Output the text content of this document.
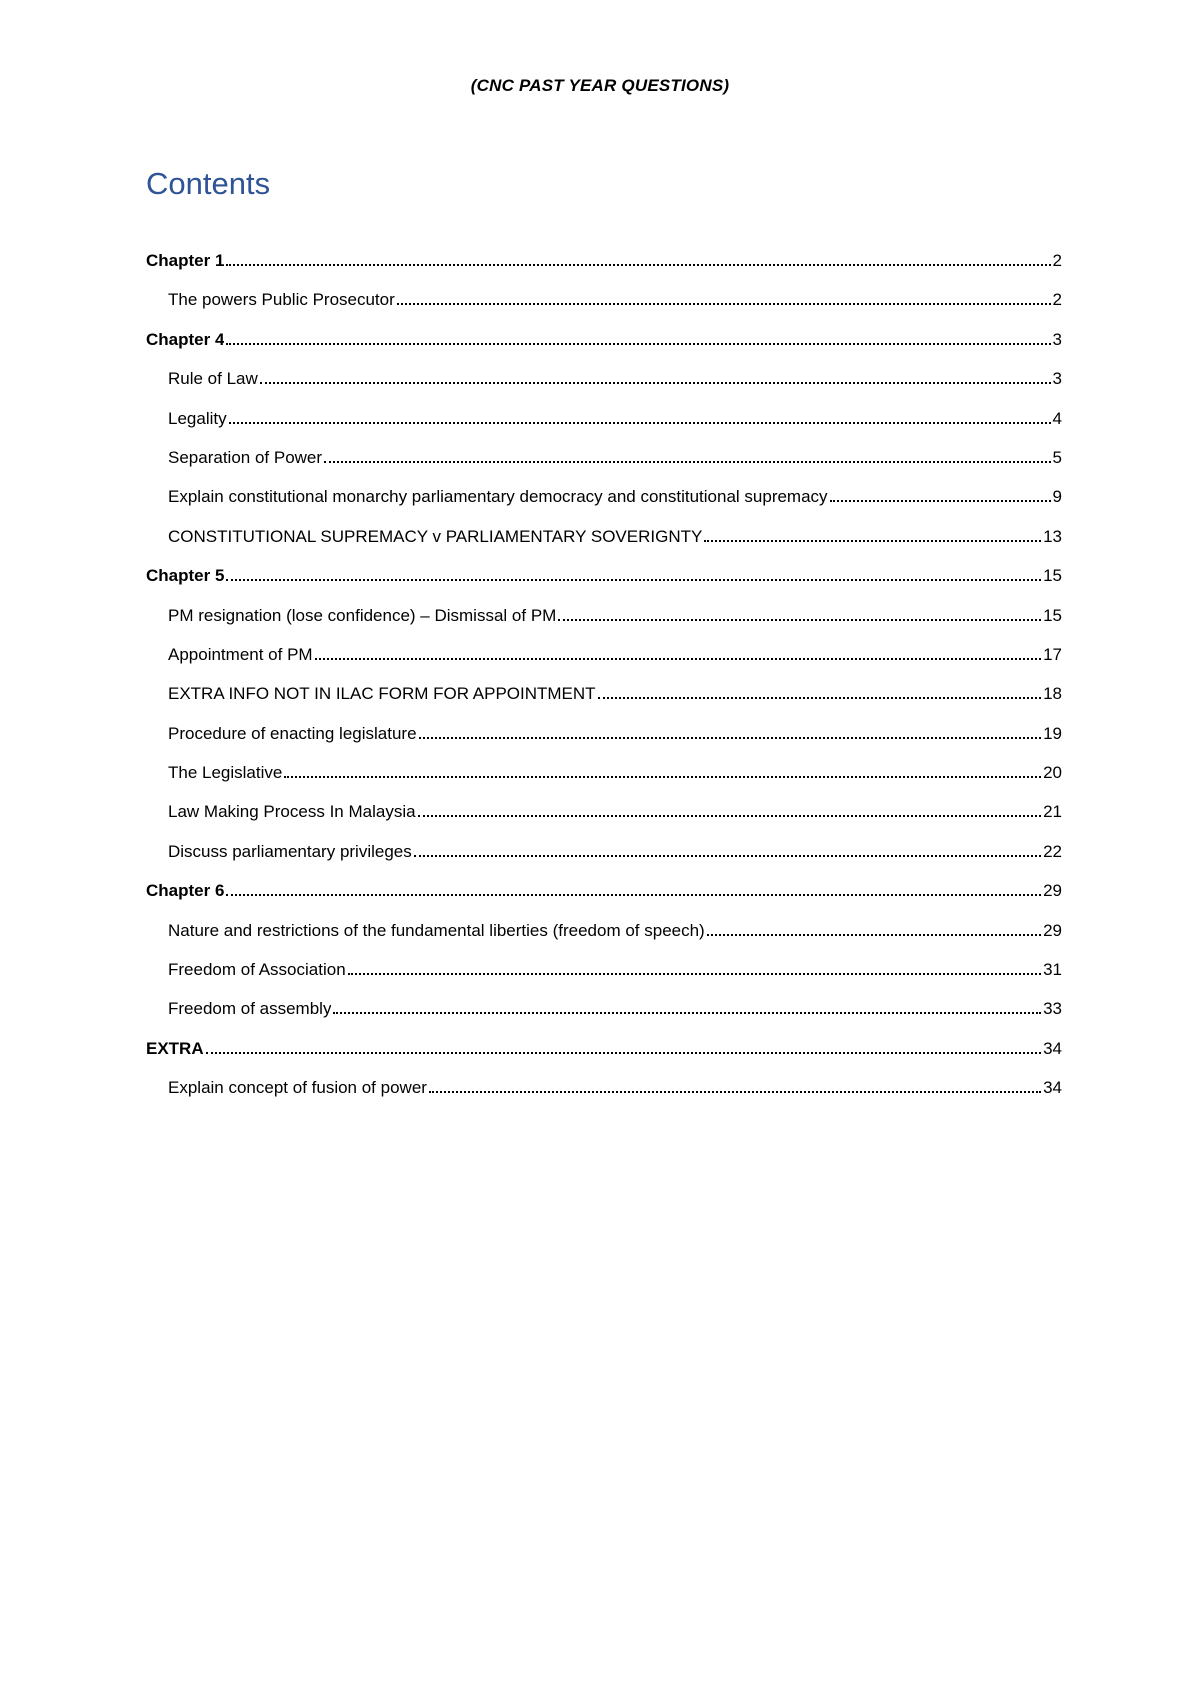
(CNC PAST YEAR QUESTIONS)
Contents
Chapter 1	2
The powers Public Prosecutor	2
Chapter 4	3
Rule of Law	3
Legality	4
Separation of Power	5
Explain constitutional monarchy parliamentary democracy and constitutional supremacy	9
CONSTITUTIONAL SUPREMACY v PARLIAMENTARY SOVERIGNTY	13
Chapter 5	15
PM resignation (lose confidence) – Dismissal of PM	15
Appointment of PM	17
EXTRA INFO NOT IN ILAC FORM FOR APPOINTMENT	18
Procedure of enacting legislature	19
The Legislative	20
Law Making Process In Malaysia	21
Discuss parliamentary privileges	22
Chapter 6	29
Nature and restrictions of the fundamental liberties (freedom of speech)	29
Freedom of Association	31
Freedom of assembly	33
EXTRA	34
Explain concept of fusion of power	34
